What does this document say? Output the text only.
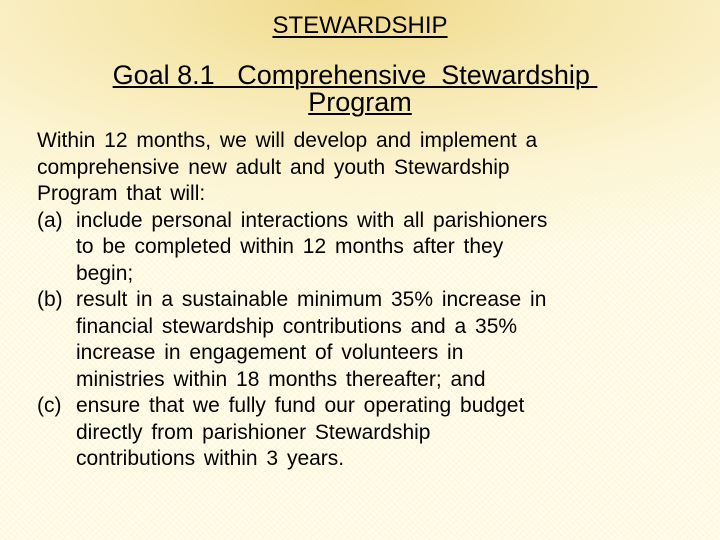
STEWARDSHIP
Goal 8.1   Comprehensive  Stewardship
Program
Within 12 months, we will develop and implement a
comprehensive new adult and youth Stewardship
Program that will:
(a) include personal interactions with all parishioners
to be completed within 12 months after they
begin;
(b) result in a sustainable minimum 35% increase in
financial stewardship contributions and a 35%
increase in engagement of volunteers in
ministries within 18 months thereafter; and
(c) ensure that we fully fund our operating budget
directly from parishioner Stewardship
contributions within 3 years.
